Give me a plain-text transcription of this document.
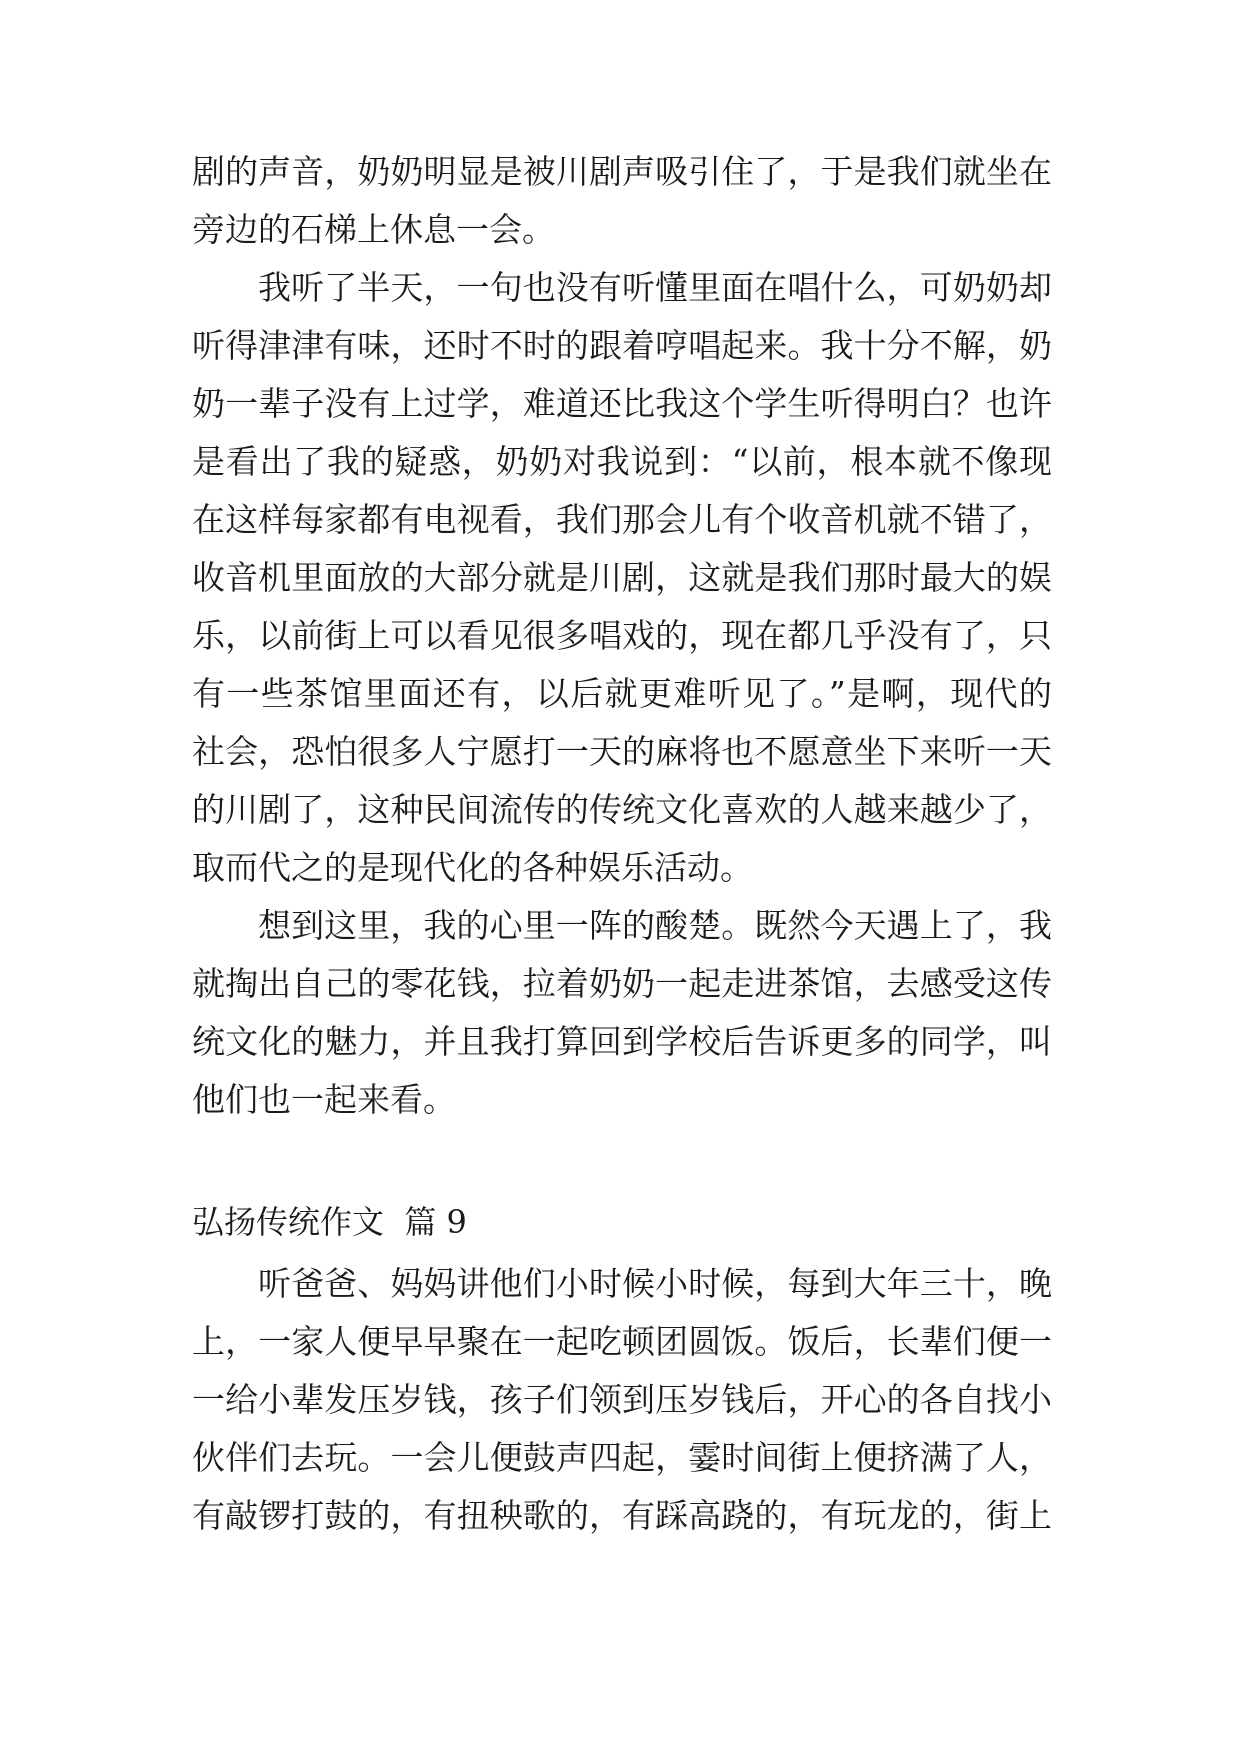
剧的声音，奶奶明显是被川剧声吸引住了，于是我们就坐在
旁边的石梯上休息一会。
我听了半天，一句也没有听懂里面在唱什么，可奶奶却
听得津津有味，还时不时的跟着哼唱起来。我十分不解，奶
奶一辈子没有上过学，难道还比我这个学生听得明白？也许
是看出了我的疑惑，奶奶对我说到：“以前，根本就不像现
在这样每家都有电视看，我们那会儿有个收音机就不错了，
收音机里面放的大部分就是川剧，这就是我们那时最大的娱
乐，以前街上可以看见很多唱戏的，现在都几乎没有了，只
有一些茶馆里面还有，以后就更难听见了。”是啊，现代的
社会，恐怕很多人宁愿打一天的麻将也不愿意坐下来听一天
的川剧了，这种民间流传的传统文化喜欢的人越来越少了，
取而代之的是现代化的各种娱乐活动。
想到这里，我的心里一阵的酸楚。既然今天遇上了，我
就掏出自己的零花钱，拉着奶奶一起走进茶馆，去感受这传
统文化的魅力，并且我打算回到学校后告诉更多的同学，叫
他们也一起来看。
弘扬传统作文  篇 9
听爸爸、妈妈讲他们小时候小时候，每到大年三十，晚
上，一家人便早早聚在一起吃顿团圆饭。饭后，长辈们便一
一给小辈发压岁钱，孩子们领到压岁钱后，开心的各自找小
伙伴们去玩。一会儿便鼓声四起，霎时间街上便挤满了人，
有敲锣打鼓的，有扭秧歌的，有踩高跷的，有玩龙的，街上
